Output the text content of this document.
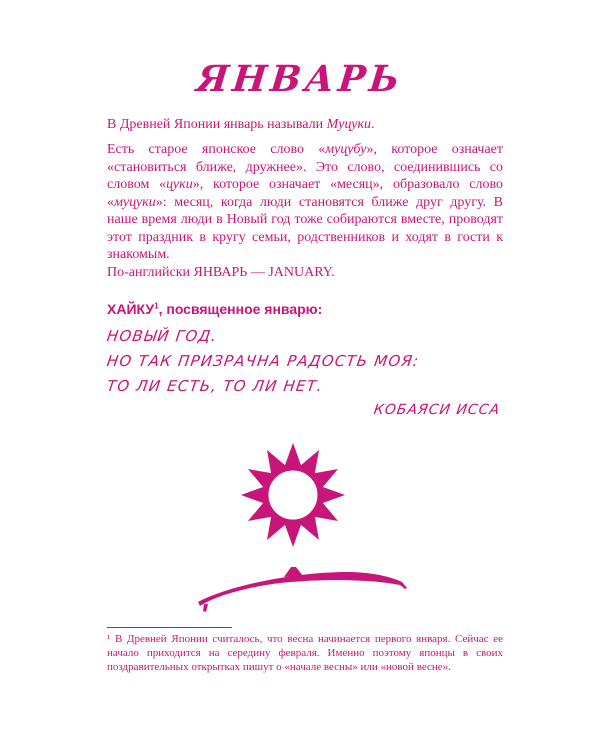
ЯНВАРЬ
В Древней Японии январь называли Муцуки.
Есть старое японское слово «муцубу», которое означает «становиться ближе, дружнее». Это слово, соединившись со словом «цуки», которое означает «месяц», образовало слово «муцуки»: месяц, когда люди становятся ближе друг другу. В наше время люди в Новый год тоже собираются вместе, проводят этот праздник в кругу семьи, родственников и ходят в гости к знакомым.
По-английски ЯНВАРЬ — JANUARY.
ХАЙКУ$^1$, посвященное январю:
НОВЫЙ ГОД.
НО ТАК ПРИЗРАЧНА РАДОСТЬ МОЯ:
ТО ЛИ ЕСТЬ, ТО ЛИ НЕТ.
КОБАЯСИ ИССА
¹ В Древней Японии считалось, что весна начинается первого января. Сейчас ее начало приходится на середину февраля. Именно поэтому японцы в своих поздравительных открытках пишут о «начале весны» или «новой весне».
